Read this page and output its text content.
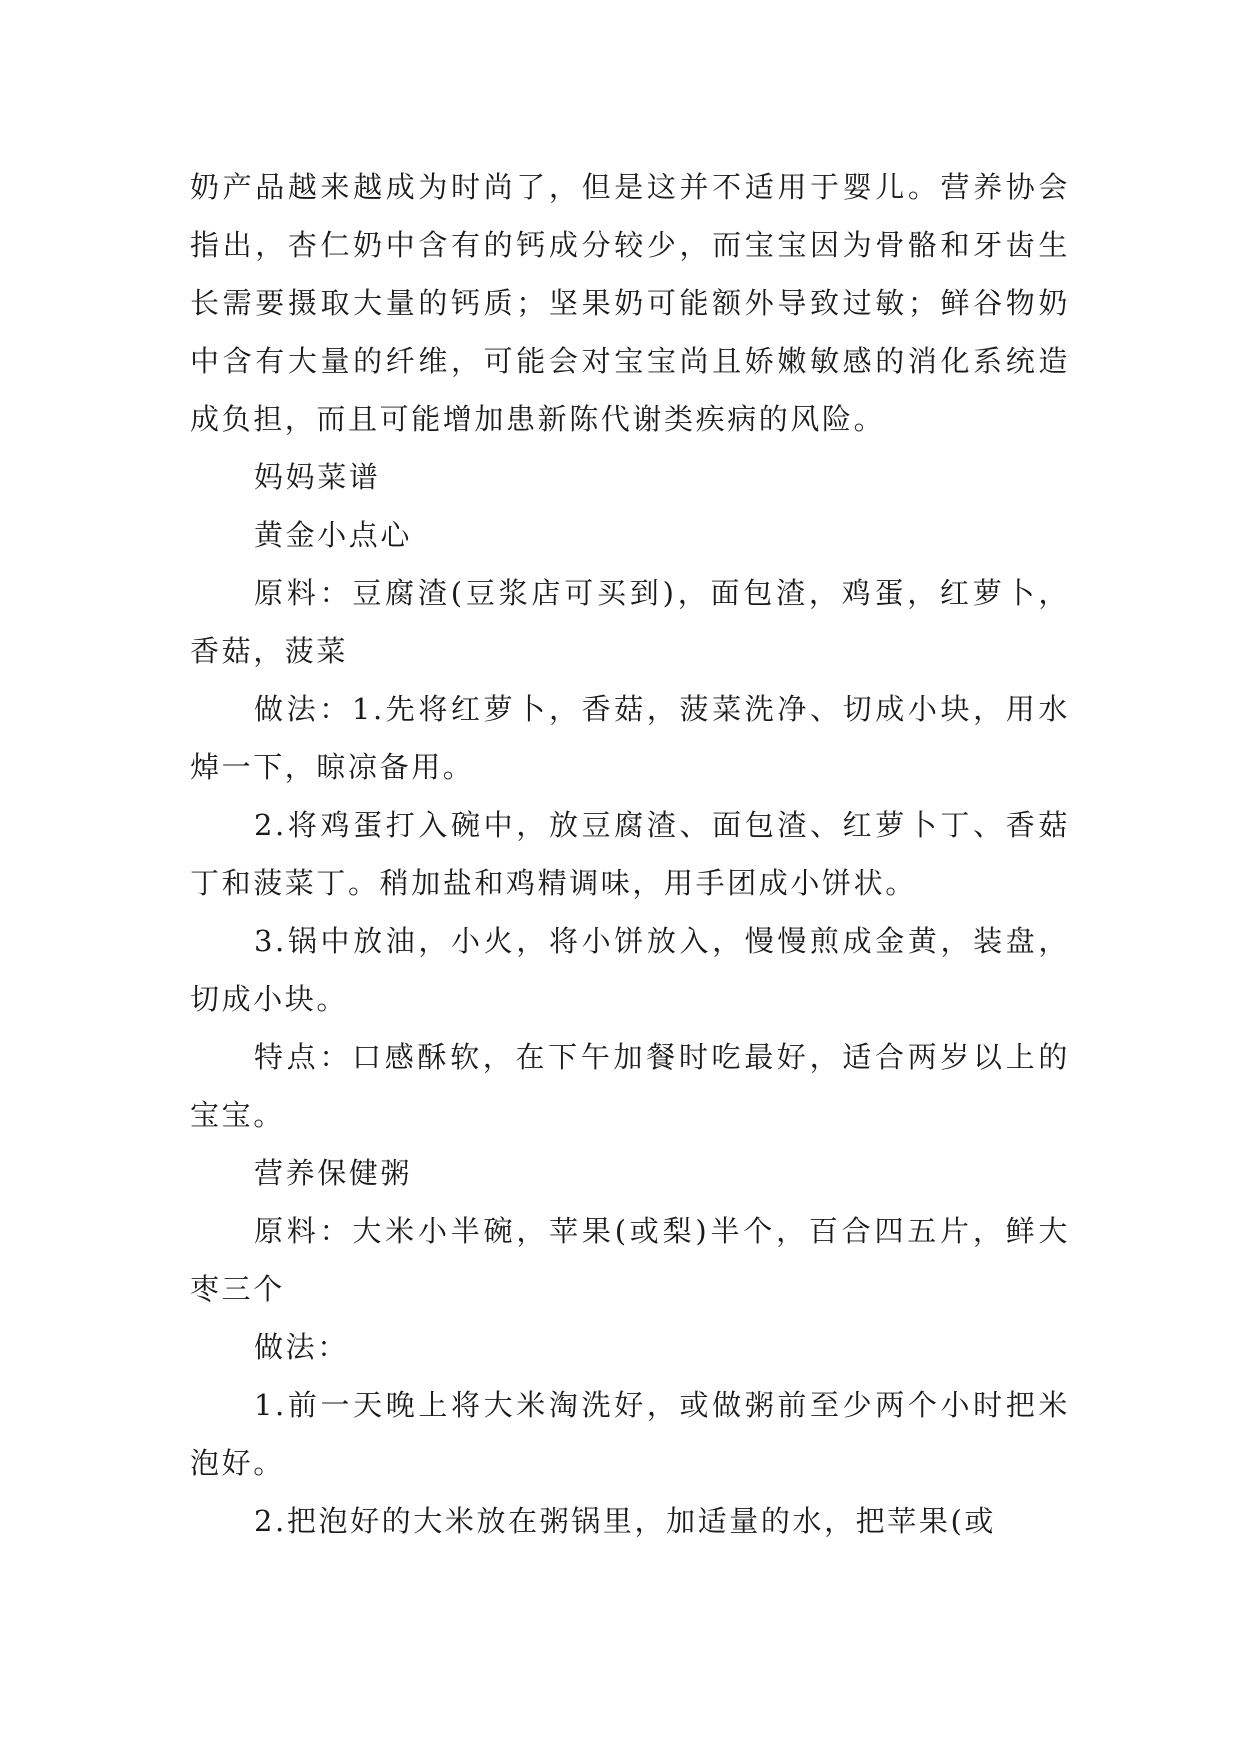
奶产品越来越成为时尚了，但是这并不适用于婴儿。营养协会指出，杏仁奶中含有的钙成分较少，而宝宝因为骨骼和牙齿生长需要摄取大量的钙质；坚果奶可能额外导致过敏；鲜谷物奶中含有大量的纤维，可能会对宝宝尚且娇嫩敏感的消化系统造成负担，而且可能增加患新陈代谢类疾病的风险。

妈妈菜谱

黄金小点心

原料：豆腐渣(豆浆店可买到)，面包渣，鸡蛋，红萝卜，香菇，菠菜

做法：1.先将红萝卜，香菇，菠菜洗净、切成小块，用水焯一下，晾凉备用。

2.将鸡蛋打入碗中，放豆腐渣、面包渣、红萝卜丁、香菇丁和菠菜丁。稍加盐和鸡精调味，用手团成小饼状。

3.锅中放油，小火，将小饼放入，慢慢煎成金黄，装盘，切成小块。

特点：口感酥软，在下午加餐时吃最好，适合两岁以上的宝宝。

营养保健粥

原料：大米小半碗，苹果(或梨)半个，百合四五片，鲜大枣三个

做法：

1.前一天晚上将大米淘洗好，或做粥前至少两个小时把米泡好。

2.把泡好的大米放在粥锅里，加适量的水，把苹果(或
